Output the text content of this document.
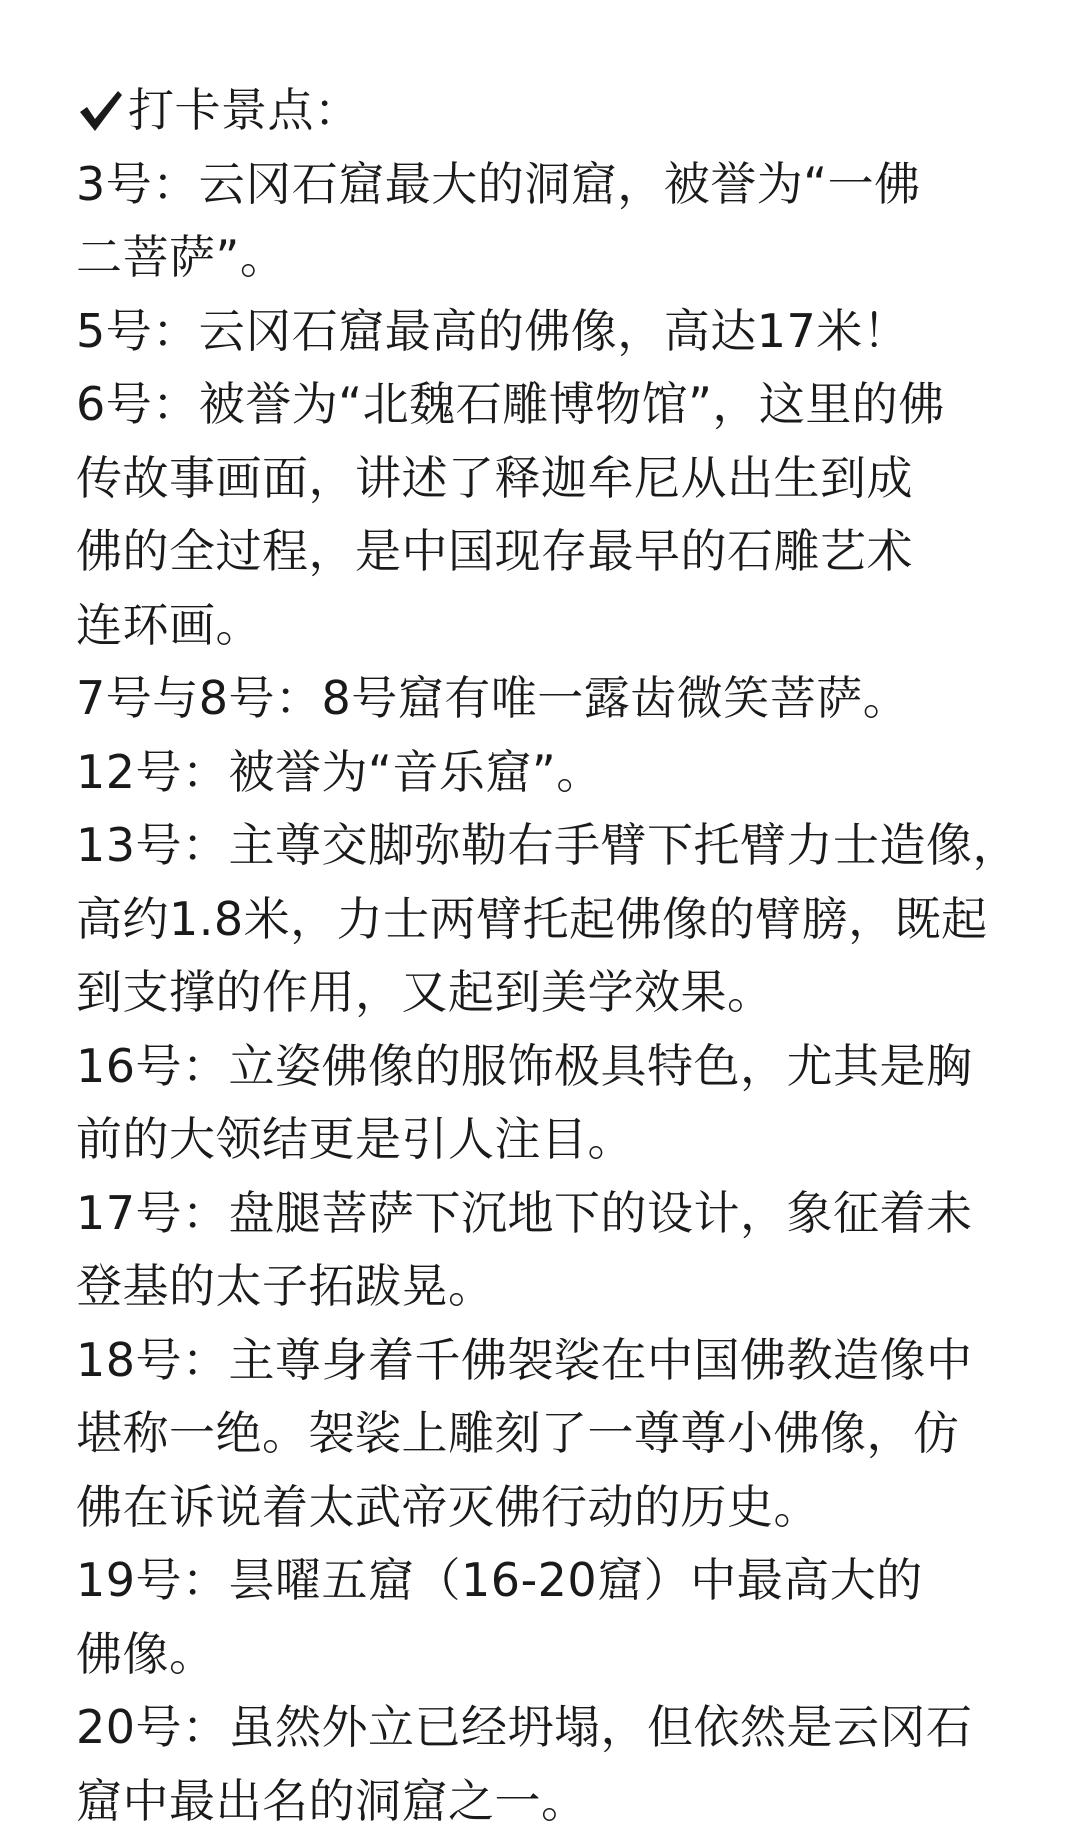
打卡景点：
3号：云冈石窟最大的洞窟，被誉为“一佛
二菩萨”。
5号：云冈石窟最高的佛像，高达17米！
6号：被誉为“北魏石雕博物馆”，这里的佛
传故事画面，讲述了释迦牟尼从出生到成
佛的全过程，是中国现存最早的石雕艺术
连环画。
7号与8号：8号窟有唯一露齿微笑菩萨。
12号：被誉为“音乐窟”。
13号：主尊交脚弥勒右手臂下托臂力士造像，
高约1.8米，力士两臂托起佛像的臂膀，既起
到支撑的作用，又起到美学效果。
16号：立姿佛像的服饰极具特色，尤其是胸
前的大领结更是引人注目。
17号：盘腿菩萨下沉地下的设计，象征着未
登基的太子拓跋晃。
18号：主尊身着千佛袈裟在中国佛教造像中
堪称一绝。袈裟上雕刻了一尊尊小佛像，仿
佛在诉说着太武帝灭佛行动的历史。
19号：昙曜五窟（16-20窟）中最高大的
佛像。
20号：虽然外立已经坍塌，但依然是云冈石
窟中最出名的洞窟之一。
